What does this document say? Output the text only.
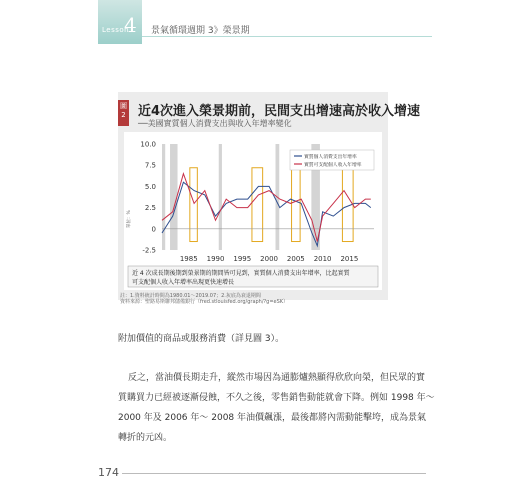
Lesson
4 景氣循環週期 3》榮景期
圖2 近4次進入榮景期前，民間支出增速高於收入增速
──美國實質個人消費支出與收入年增率變化
10.0
7.5
5.0
2.5
0
-2.5
1985 1990 1995 2000 2005 2010 2015
單位：%
實質個人消費支出年增率
實質可支配個人收入年增率
近 4 次成長期後期到榮景期的期間皆可見到，實質個人消費支出年增率，比起實質
可支配個人收入年增率出現更快速增長
註：1.資料統計時間為1980.01～2019.07；2.灰底為衰退期間
資料來源：聖路易斯聯邦儲備銀行（fred.stlouisfed.org/graph/?g=eSK）
附加價值的商品或服務消費（詳見圖 3）。
反之，當油價長期走升，縱然市場因為通膨爐熱顯得欣欣向榮，但民眾的實
質購買力已經被逐漸侵蝕，不久之後，零售銷售動能就會下降。例如 1998 年～
2000 年及 2006 年～ 2008 年油價飆漲，最後都將內需動能擊垮，成為景氣
轉折的元凶。
174
